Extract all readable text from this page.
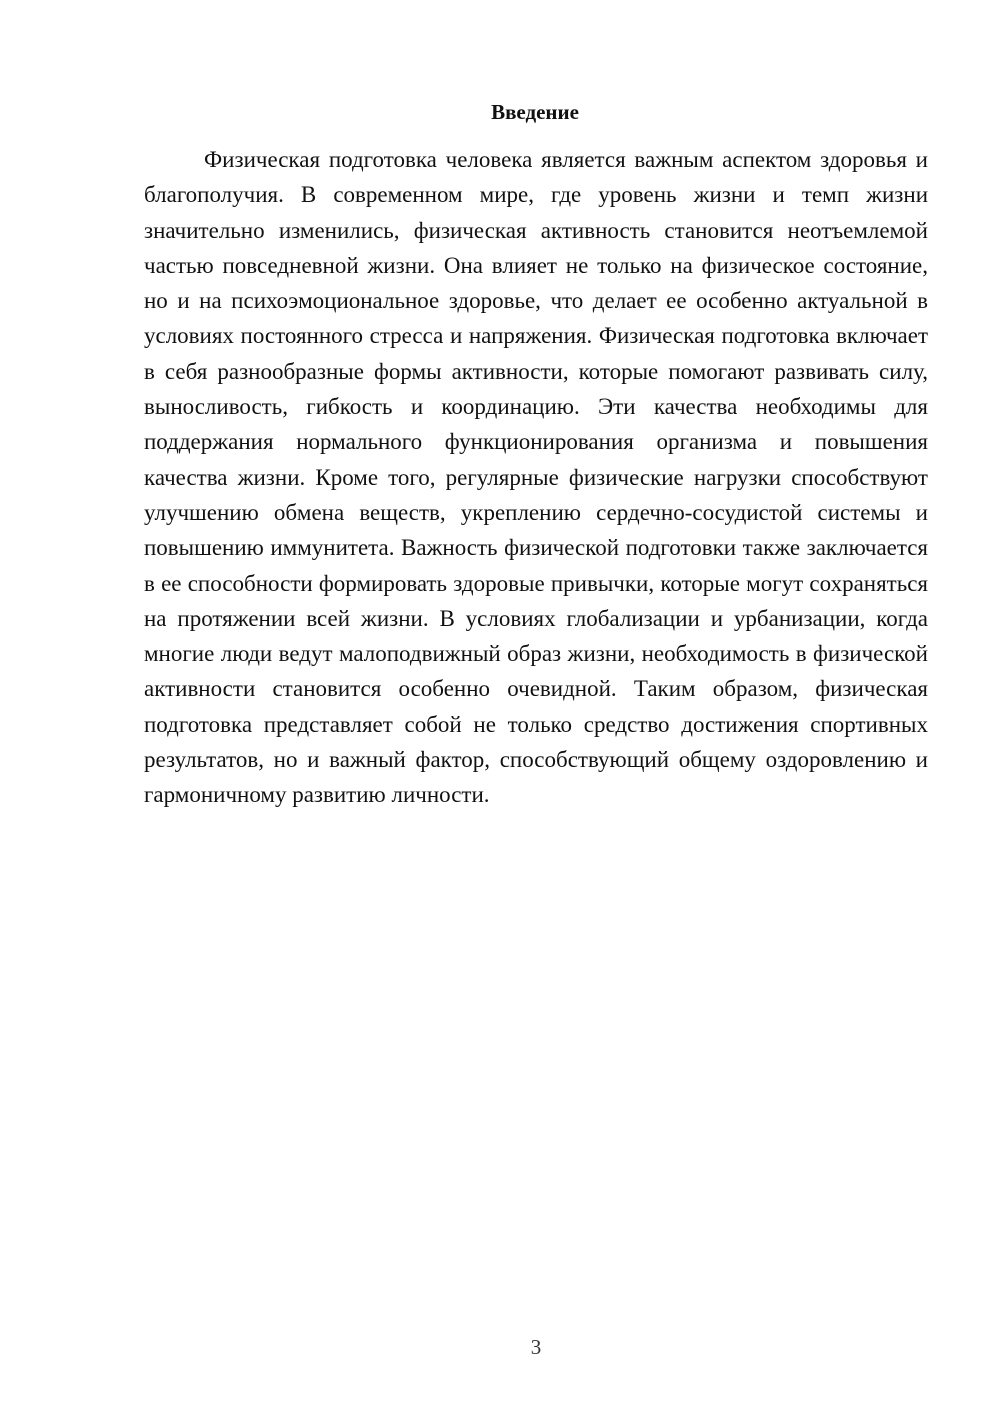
Введение

Физическая подготовка человека является важным аспектом здоровья и благополучия. В современном мире, где уровень жизни и темп жизни значительно изменились, физическая активность становится неотъемлемой частью повседневной жизни. Она влияет не только на физическое состояние, но и на психоэмоциональное здоровье, что делает ее особенно актуальной в условиях постоянного стресса и напряжения. Физическая подготовка включает в себя разнообразные формы активности, которые помогают развивать силу, выносливость, гибкость и координацию. Эти качества необходимы для поддержания нормального функционирования организма и повышения качества жизни. Кроме того, регулярные физические нагрузки способствуют улучшению обмена веществ, укреплению сердечно-сосудистой системы и повышению иммунитета. Важность физической подготовки также заключается в ее способности формировать здоровые привычки, которые могут сохраняться на протяжении всей жизни. В условиях глобализации и урбанизации, когда многие люди ведут малоподвижный образ жизни, необходимость в физической активности становится особенно очевидной. Таким образом, физическая подготовка представляет собой не только средство достижения спортивных результатов, но и важный фактор, способствующий общему оздоровлению и гармоничному развитию личности.

3
